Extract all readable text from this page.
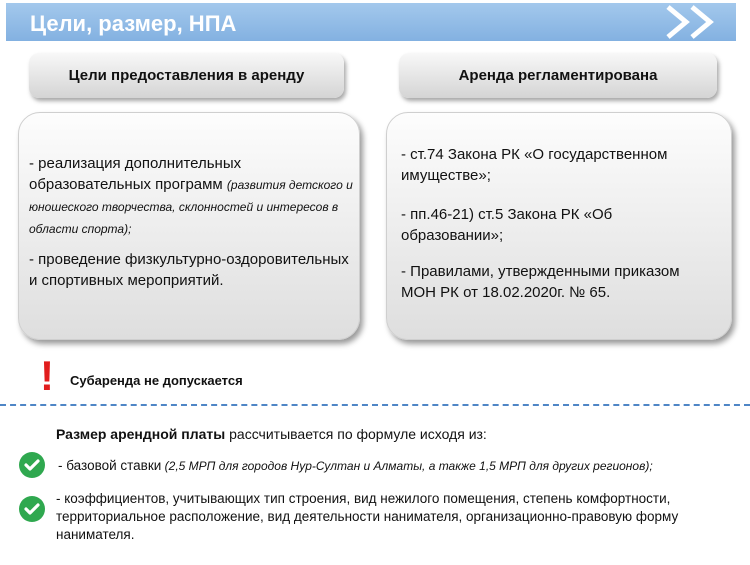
Цели, размер, НПА
Цели предоставления в аренду	Аренда регламентирована

- реализация дополнительных образовательных программ (развития детского и юношеского творчества, склонностей и интересов в области спорта);

- проведение физкультурно-оздоровительных и спортивных мероприятий.

- ст.74 Закона РК «О государственном имуществе»;

- пп.46-21) ст.5 Закона РК «Об образовании»;

- Правилами, утвержденными приказом МОН РК от 18.02.2020г. № 65.

! Субаренда не допускается
Размер арендной платы рассчитывается по формуле исходя из:
- базовой ставки (2,5 МРП для городов Нур-Султан и Алматы, а также 1,5 МРП для других регионов);
- коэффициентов, учитывающих тип строения, вид нежилого помещения, степень комфортности, территориальное расположение, вид деятельности нанимателя, организационно-правовую форму нанимателя.
